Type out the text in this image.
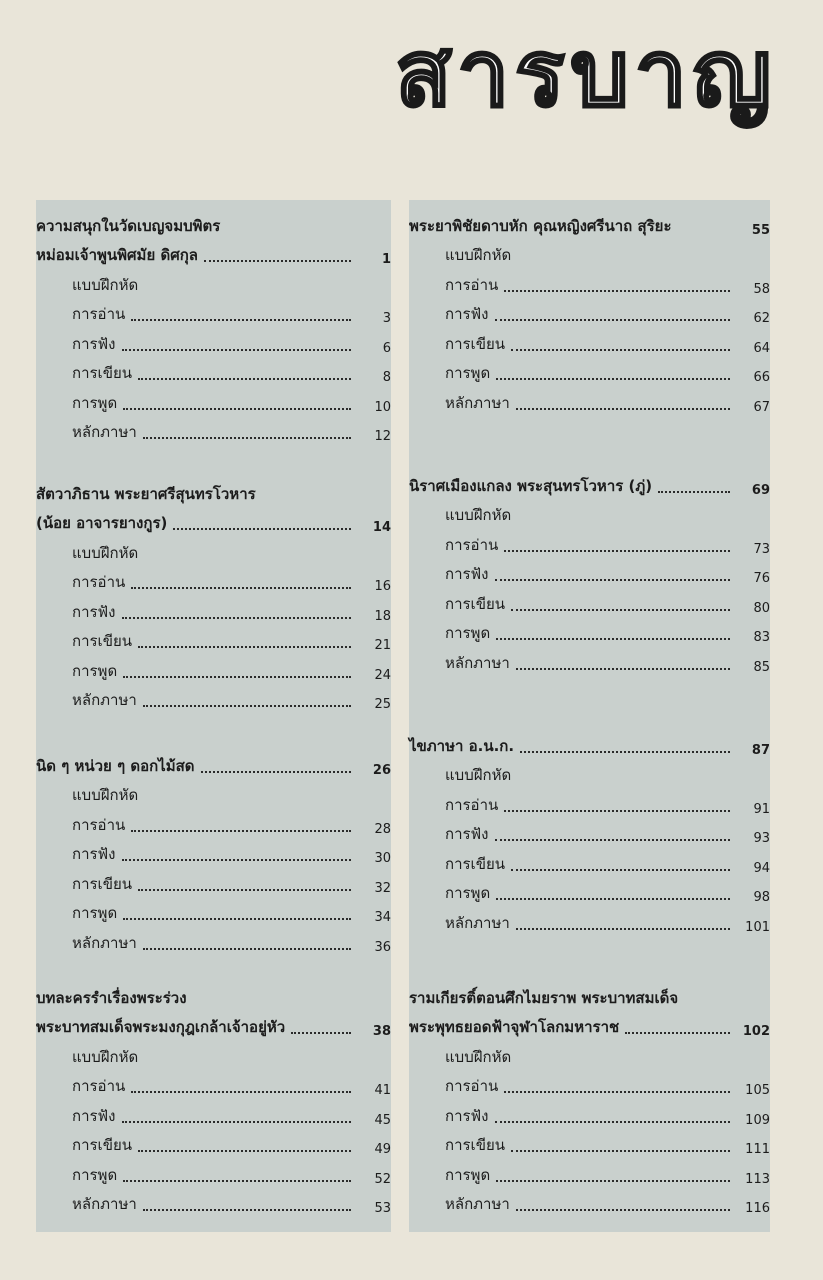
สารบาญ
ความสนุกในวัดเบญจมบพิตร
หม่อมเจ้าพูนพิศมัย ดิศกุล	1
แบบฝึกหัด
การอ่าน	3
การฟัง	6
การเขียน	8
การพูด	10
หลักภาษา	12
สัตวาภิธาน พระยาศรีสุนทรโวหาร
(น้อย อาจารยางกูร)	14
แบบฝึกหัด
การอ่าน	16
การฟัง	18
การเขียน	21
การพูด	24
หลักภาษา	25
นิด ๆ หน่วย ๆ ดอกไม้สด	26
แบบฝึกหัด
การอ่าน	28
การฟัง	30
การเขียน	32
การพูด	34
หลักภาษา	36
บทละครรำเรื่องพระร่วง
พระบาทสมเด็จพระมงกุฎเกล้าเจ้าอยู่หัว	38
แบบฝึกหัด
การอ่าน	41
การฟัง	45
การเขียน	49
การพูด	52
หลักภาษา	53
พระยาพิชัยดาบหัก คุณหญิงศรีนาถ สุริยะ	55
แบบฝึกหัด
การอ่าน	58
การฟัง	62
การเขียน	64
การพูด	66
หลักภาษา	67
นิราศเมืองแกลง พระสุนทรโวหาร (ภู่)	69
แบบฝึกหัด
การอ่าน	73
การฟัง	76
การเขียน	80
การพูด	83
หลักภาษา	85
ไขภาษา อ.น.ก.	87
แบบฝึกหัด
การอ่าน	91
การฟัง	93
การเขียน	94
การพูด	98
หลักภาษา	101
รามเกียรติ์ตอนศึกไมยราพ พระบาทสมเด็จ
พระพุทธยอดฟ้าจุฬาโลกมหาราช	102
แบบฝึกหัด
การอ่าน	105
การฟัง	109
การเขียน	111
การพูด	113
หลักภาษา	116
